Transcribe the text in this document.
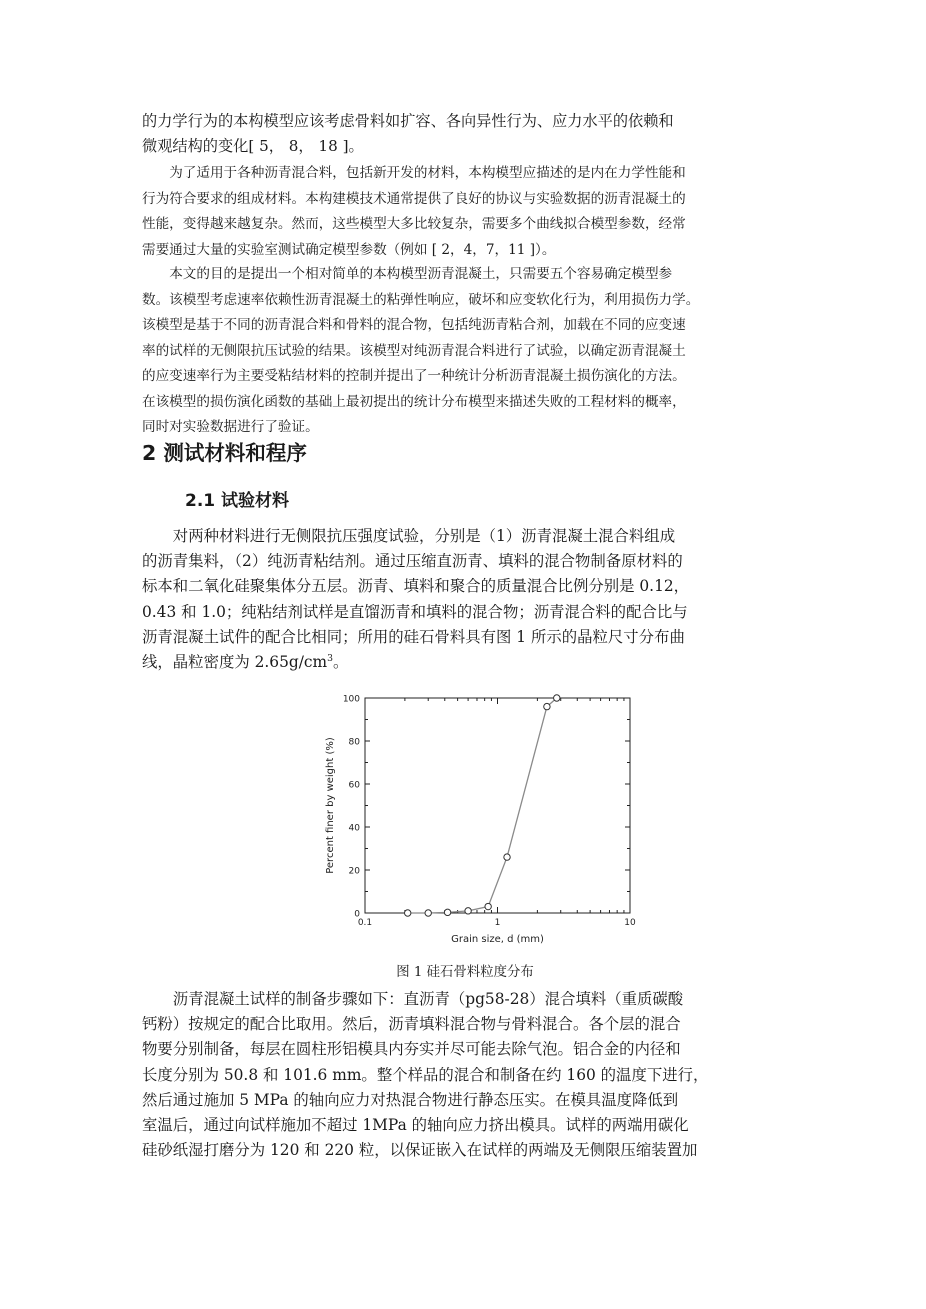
的力学行为的本构模型应该考虑骨料如扩容、各向异性行为、应力水平的依赖和
微观结构的变化[ 5， 8， 18 ]。
为了适用于各种沥青混合料，包括新开发的材料，本构模型应描述的是内在力学性能和
行为符合要求的组成材料。本构建模技术通常提供了良好的协议与实验数据的沥青混凝土的
性能，变得越来越复杂。然而，这些模型大多比较复杂，需要多个曲线拟合模型参数，经常
需要通过大量的实验室测试确定模型参数（例如 [ 2，4，7，11 ]）。
本文的目的是提出一个相对简单的本构模型沥青混凝土，只需要五个容易确定模型参
数。该模型考虑速率依赖性沥青混凝土的粘弹性响应，破坏和应变软化行为，利用损伤力学。
该模型是基于不同的沥青混合料和骨料的混合物，包括纯沥青粘合剂，加载在不同的应变速
率的试样的无侧限抗压试验的结果。该模型对纯沥青混合料进行了试验，以确定沥青混凝土
的应变速率行为主要受粘结材料的控制并提出了一种统计分析沥青混凝土损伤演化的方法。
在该模型的损伤演化函数的基础上最初提出的统计分布模型来描述失败的工程材料的概率，
同时对实验数据进行了验证。
2 测试材料和程序
2.1 试验材料
对两种材料进行无侧限抗压强度试验，分别是（1）沥青混凝土混合料组成
的沥青集料，（2）纯沥青粘结剂。通过压缩直沥青、填料的混合物制备原材料的
标本和二氧化硅聚集体分五层。沥青、填料和聚合的质量混合比例分别是 0.12，
0.43 和 1.0；纯粘结剂试样是直馏沥青和填料的混合物；沥青混合料的配合比与
沥青混凝土试件的配合比相同；所用的硅石骨料具有图 1 所示的晶粒尺寸分布曲
线，晶粒密度为 $2.65g/cm^3$。
0
20
40
60
80
100
0.1	1	10
Grain size, d (mm)
Percent finer by weight (%)
图 1 硅石骨料粒度分布
沥青混凝土试样的制备步骤如下：直沥青（pg58-28）混合填料（重质碳酸
钙粉）按规定的配合比取用。然后，沥青填料混合物与骨料混合。各个层的混合
物要分别制备，每层在圆柱形铝模具内夯实并尽可能去除气泡。铝合金的内径和
长度分别为 50.8 和 101.6 mm。整个样品的混合和制备在约 160 的温度下进行，
然后通过施加 5 MPa 的轴向应力对热混合物进行静态压实。在模具温度降低到
室温后，通过向试样施加不超过 1MPa 的轴向应力挤出模具。试样的两端用碳化
硅砂纸湿打磨分为 120 和 220 粒，以保证嵌入在试样的两端及无侧限压缩装置加
